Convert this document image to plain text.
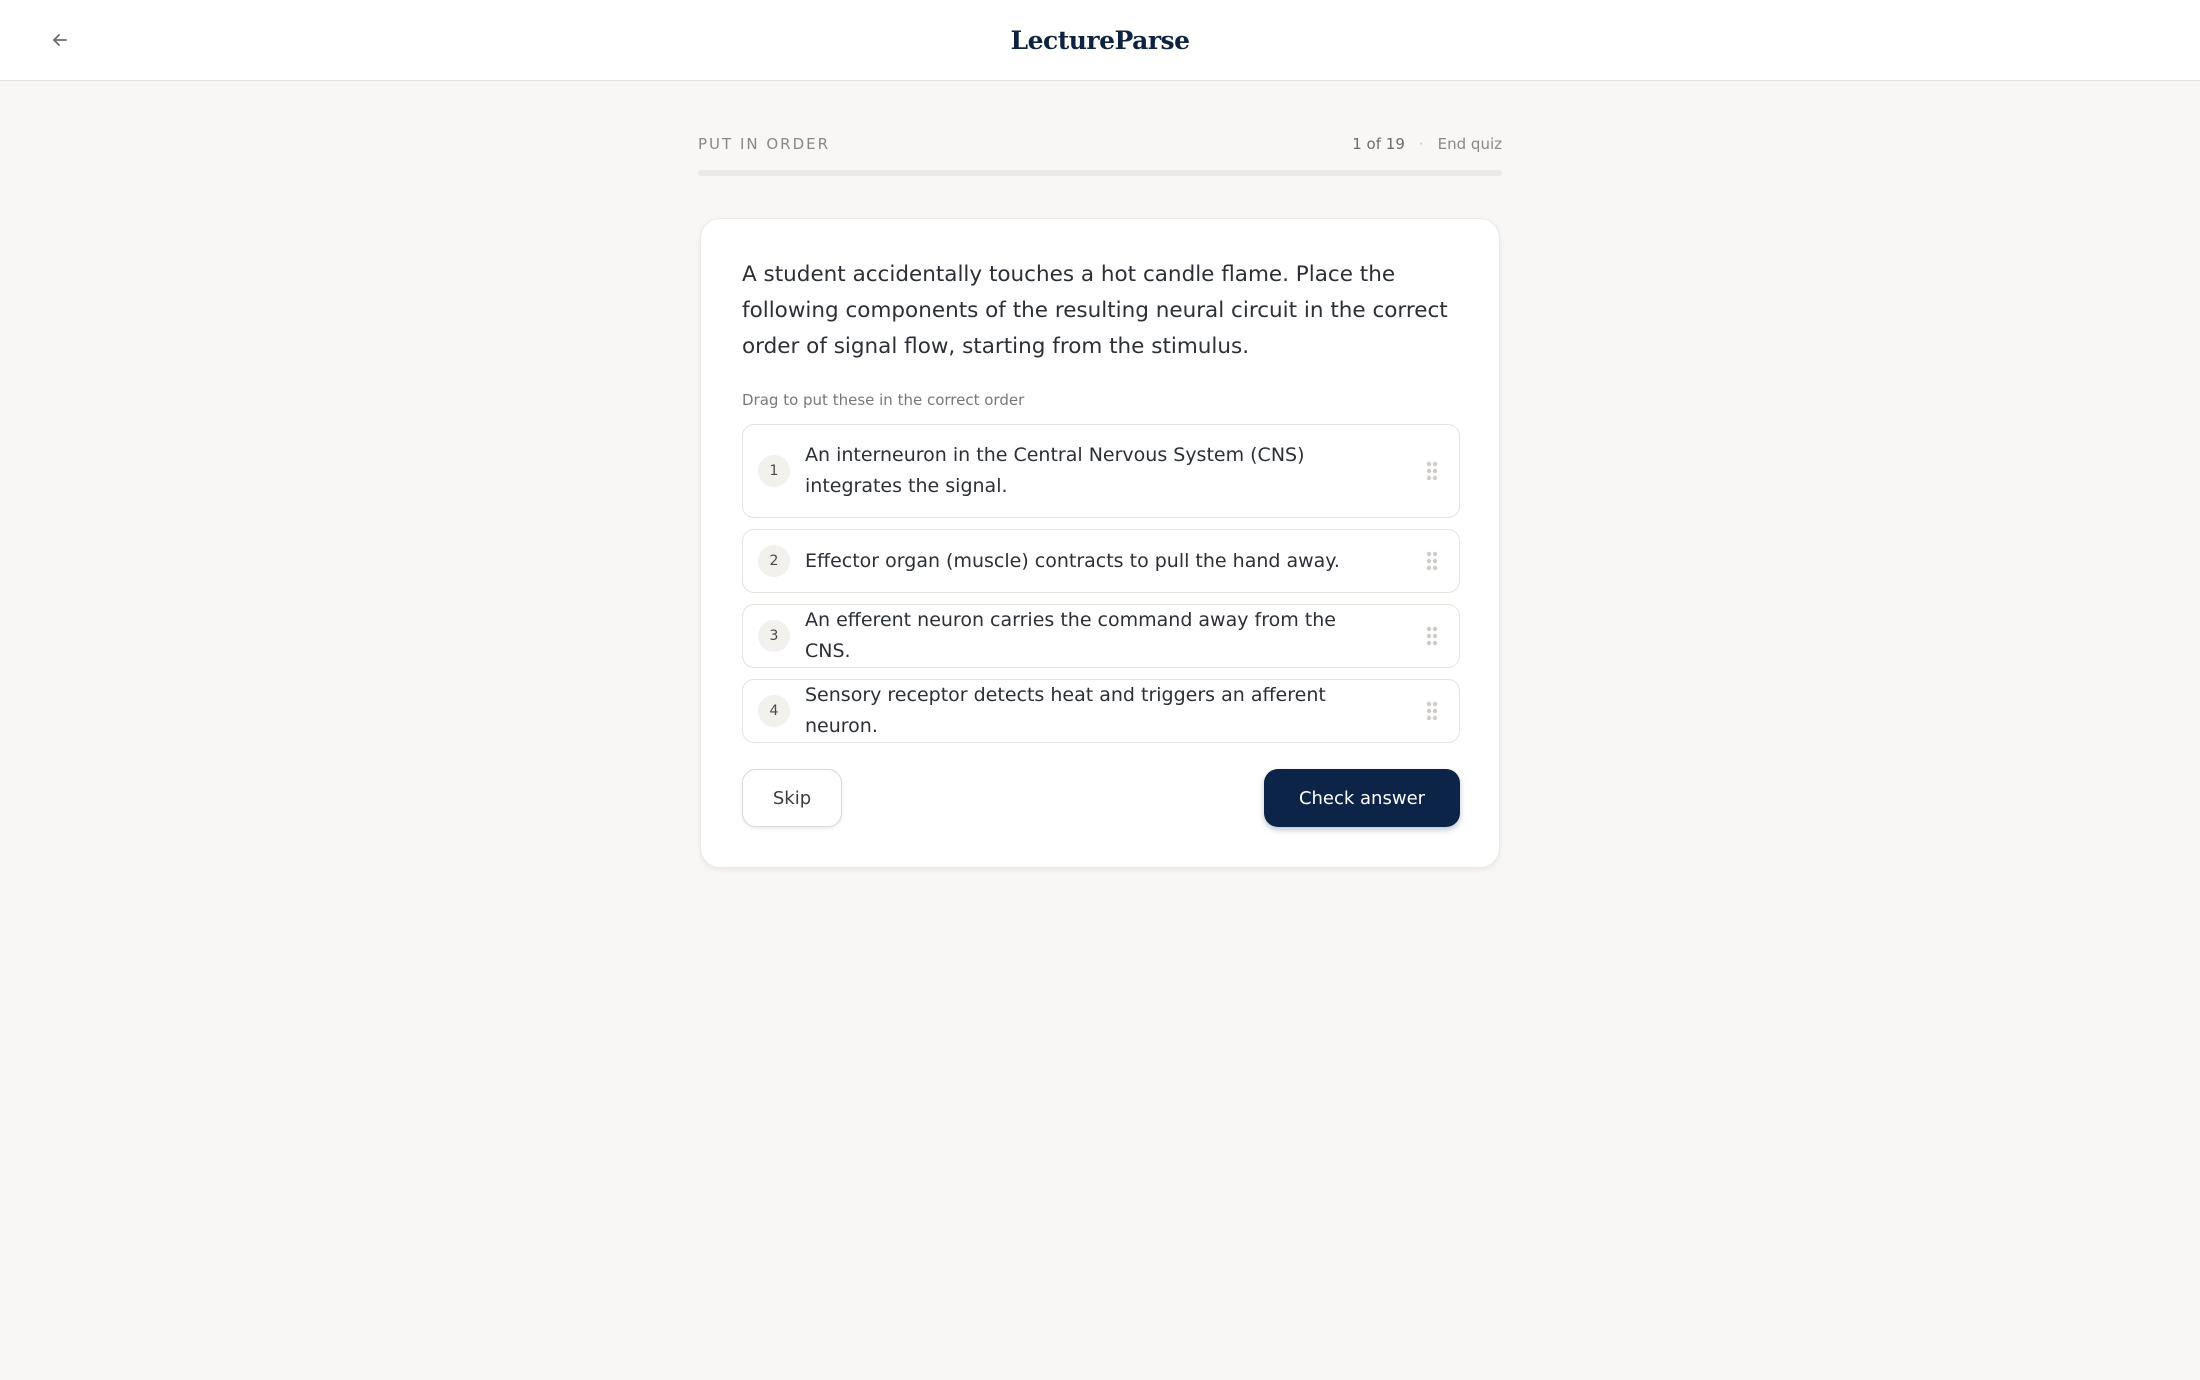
LectureParse
PUT IN ORDER	1 of 19 · End quiz

A student accidentally touches a hot candle flame. Place the following components of the resulting neural circuit in the correct order of signal flow, starting from the stimulus.

Drag to put these in the correct order
1
An interneuron in the Central Nervous System (CNS) integrates the signal.
2	Effector organ (muscle) contracts to pull the hand away.
3
An efferent neuron carries the command away from the CNS.
4
Sensory receptor detects heat and triggers an afferent neuron.
Skip	Check answer
